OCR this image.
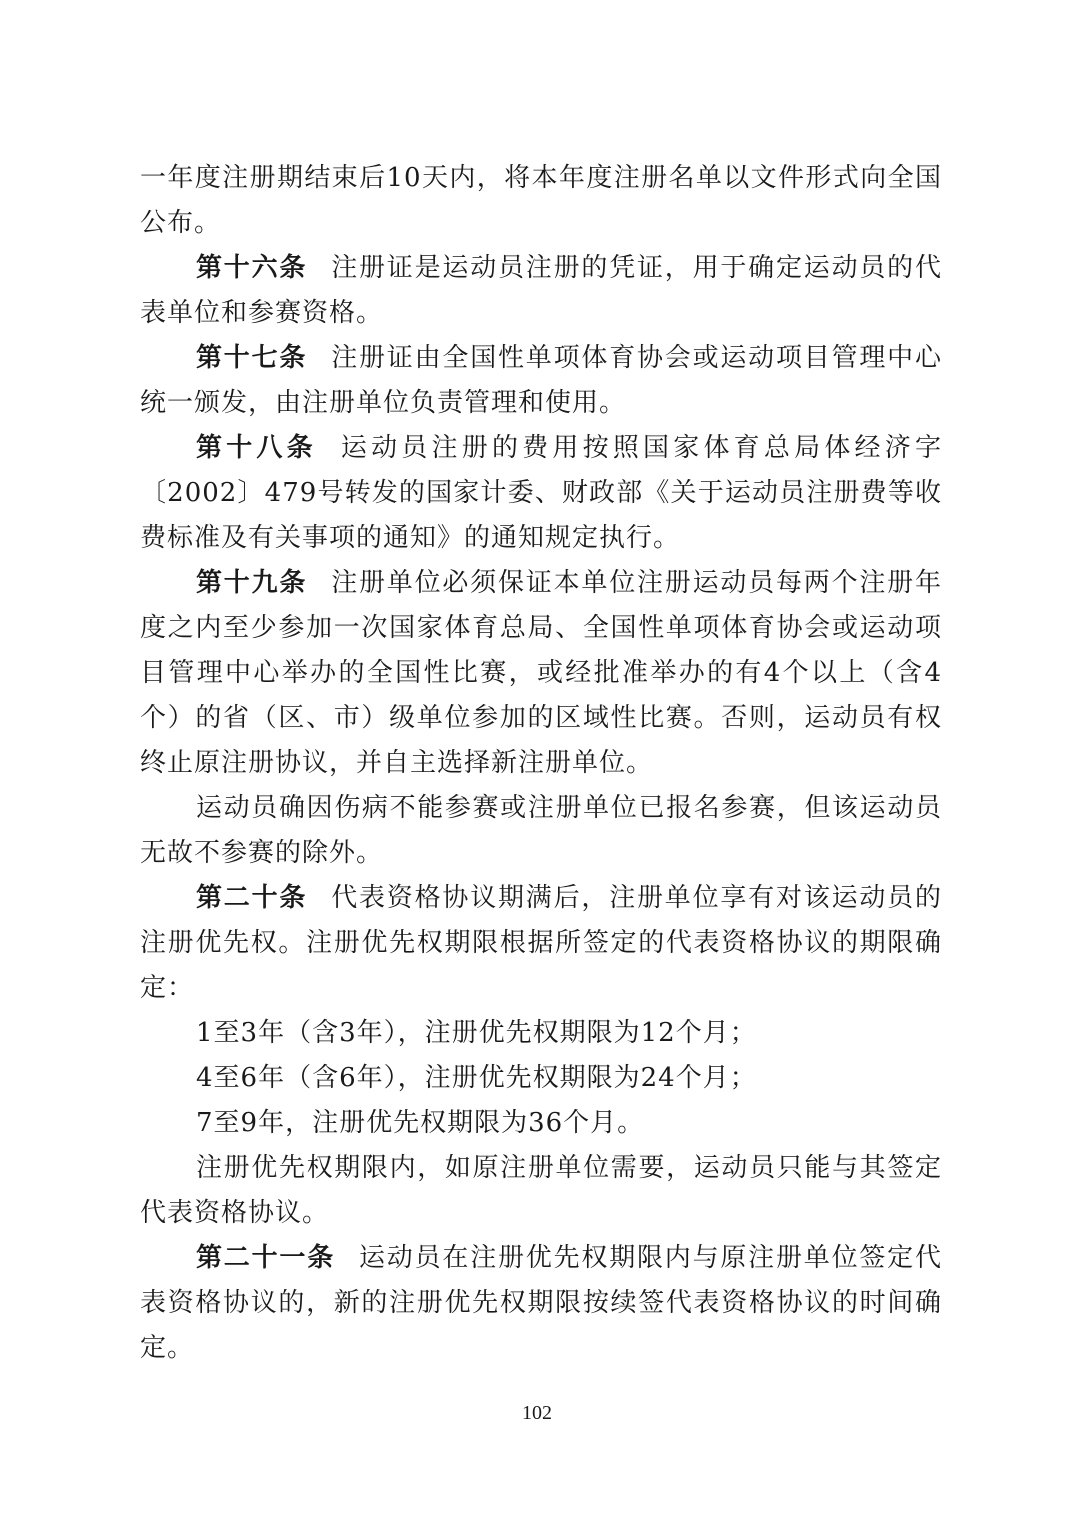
一年度注册期结束后10天内，将本年度注册名单以文件形式向全国公布。

第十六条 注册证是运动员注册的凭证，用于确定运动员的代表单位和参赛资格。

第十七条 注册证由全国性单项体育协会或运动项目管理中心统一颁发，由注册单位负责管理和使用。

第十八条 运动员注册的费用按照国家体育总局体经济字〔2002〕479号转发的国家计委、财政部《关于运动员注册费等收费标准及有关事项的通知》的通知规定执行。

第十九条 注册单位必须保证本单位注册运动员每两个注册年度之内至少参加一次国家体育总局、全国性单项体育协会或运动项目管理中心举办的全国性比赛，或经批准举办的有4个以上（含4个）的省（区、市）级单位参加的区域性比赛。否则，运动员有权终止原注册协议，并自主选择新注册单位。

运动员确因伤病不能参赛或注册单位已报名参赛，但该运动员无故不参赛的除外。

第二十条 代表资格协议期满后，注册单位享有对该运动员的注册优先权。注册优先权期限根据所签定的代表资格协议的期限确定：

1至3年（含3年），注册优先权期限为12个月；

4至6年（含6年），注册优先权期限为24个月；

7至9年，注册优先权期限为36个月。

注册优先权期限内，如原注册单位需要，运动员只能与其签定代表资格协议。

第二十一条 运动员在注册优先权期限内与原注册单位签定代表资格协议的，新的注册优先权期限按续签代表资格协议的时间确定。

102
